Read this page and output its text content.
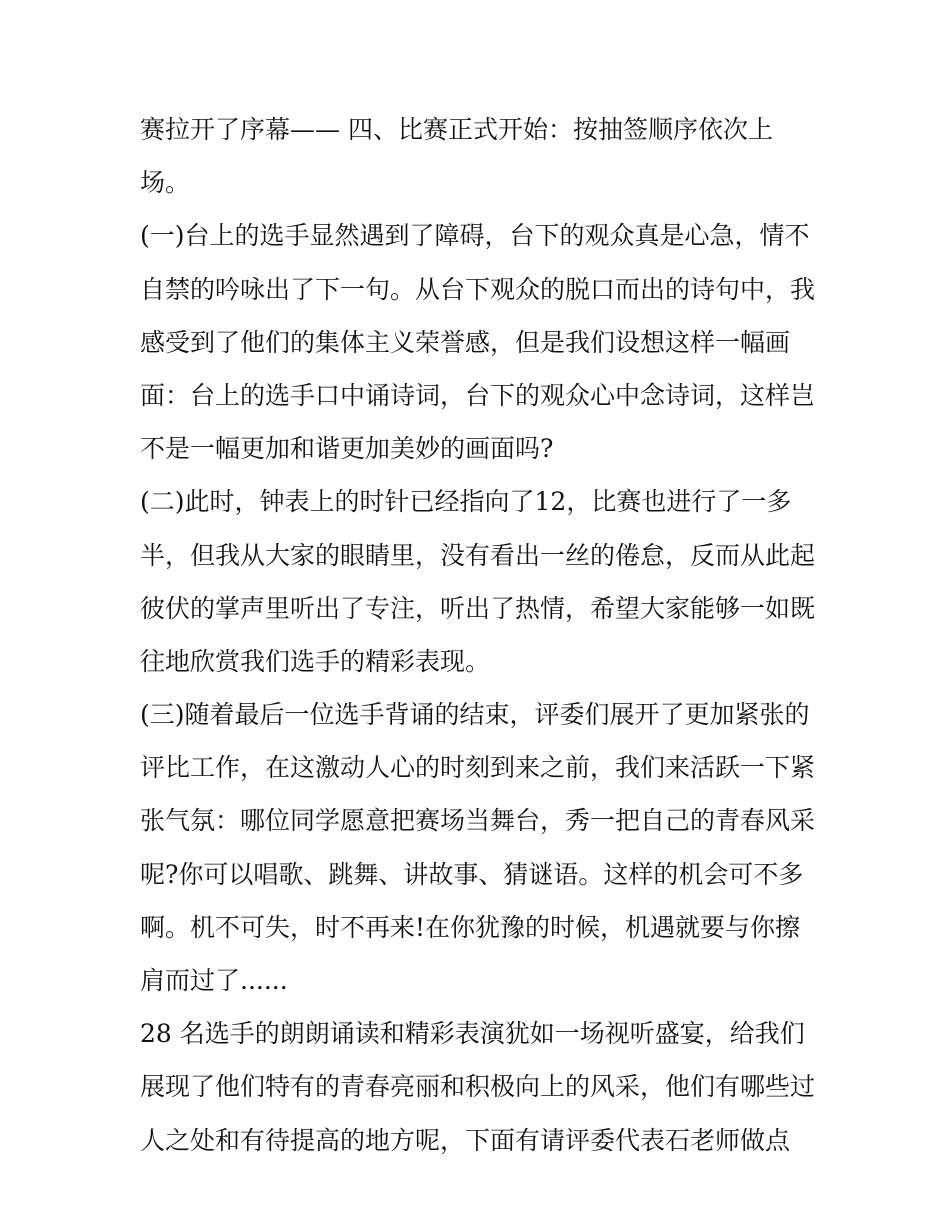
赛拉开了序幕—— 四、比赛正式开始：按抽签顺序依次上
场。
(一)台上的选手显然遇到了障碍，台下的观众真是心急，情不
自禁的吟咏出了下一句。从台下观众的脱口而出的诗句中，我
感受到了他们的集体主义荣誉感，但是我们设想这样一幅画
面：台上的选手口中诵诗词，台下的观众心中念诗词，这样岂
不是一幅更加和谐更加美妙的画面吗?
(二)此时，钟表上的时针已经指向了12，比赛也进行了一多
半，但我从大家的眼睛里，没有看出一丝的倦怠，反而从此起
彼伏的掌声里听出了专注，听出了热情，希望大家能够一如既
往地欣赏我们选手的精彩表现。
(三)随着最后一位选手背诵的结束，评委们展开了更加紧张的
评比工作，在这激动人心的时刻到来之前，我们来活跃一下紧
张气氛：哪位同学愿意把赛场当舞台，秀一把自己的青春风采
呢?你可以唱歌、跳舞、讲故事、猜谜语。这样的机会可不多
啊。机不可失，时不再来!在你犹豫的时候，机遇就要与你擦
肩而过了......
28 名选手的朗朗诵读和精彩表演犹如一场视听盛宴，给我们
展现了他们特有的青春亮丽和积极向上的风采，他们有哪些过
人之处和有待提高的地方呢，下面有请评委代表石老师做点
